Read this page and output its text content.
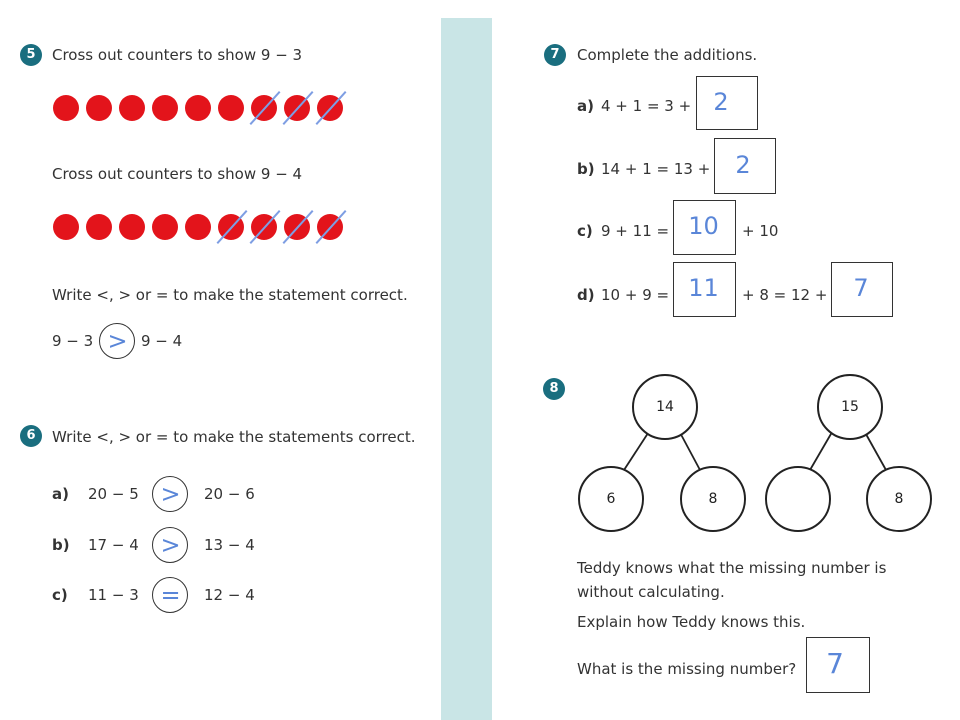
5	Cross out counters to show 9 − 3
Cross out counters to show 9 − 4
Write <, > or = to make the statement correct.
9 − 3 > 9 − 4
6	Write <, > or = to make the statements correct.
a) 20 − 5 >	20 − 6
b) 17 − 4 >	13 − 4
c) 11 − 3 =	12 − 4
7	Complete the additions.
a) 4 + 1 = 3 + 2
b) 14 + 1 = 13 +	2
c) 9 + 11 = 10	+ 10
d) 10 + 9 = 11	+ 8 = 12 +	7
8
14
6	8
15
8
Teddy knows what the missing number is
without calculating.
Explain how Teddy knows this.
What is the missing number?	7
